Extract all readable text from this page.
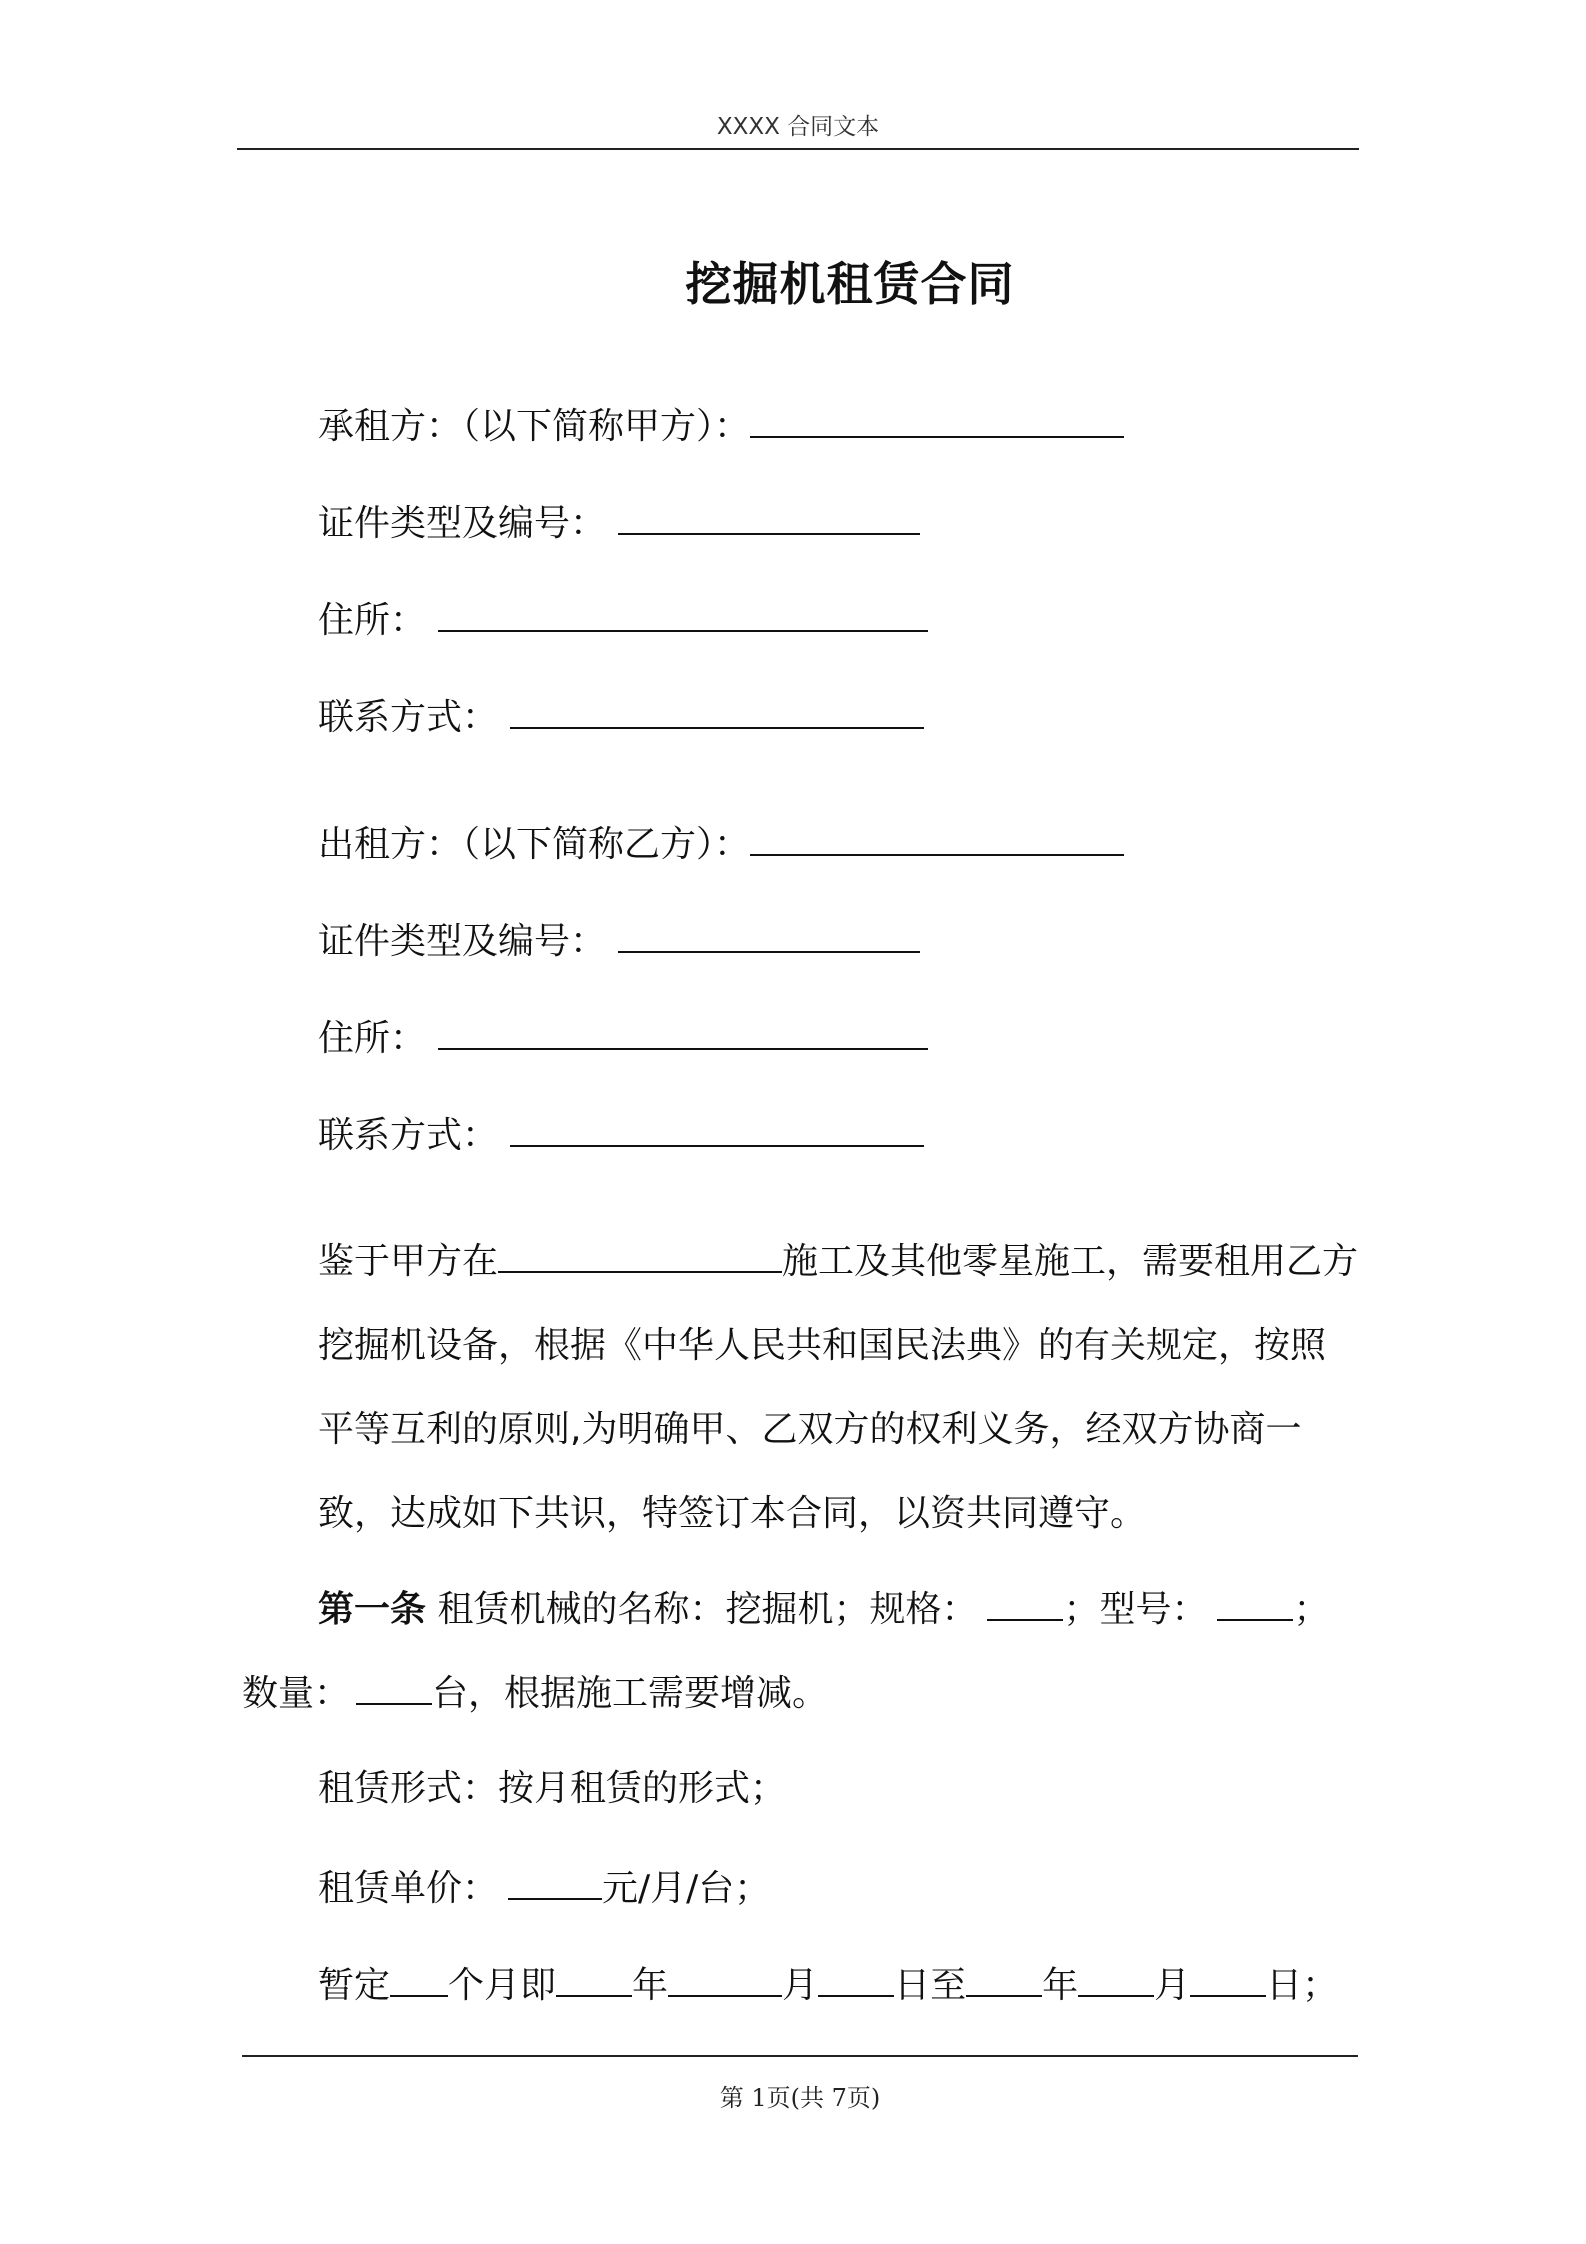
XXXX 合同文本
挖掘机租赁合同
承租方：（以下简称甲方）：
证件类型及编号：
住所：
联系方式：
出租方：（以下简称乙方）：
证件类型及编号：
住所：
联系方式：

鉴于甲方在	施工及其他零星施工，需要租用乙方挖掘机设备，根据《中华人民共和国民法典》的有关规定，按照平等互利的原则,为明确甲、乙双方的权利义务，经双方协商一致，达成如下共识，特签订本合同，以资共同遵守。

第一条 租赁机械的名称：挖掘机；规格： ；型号： ；

数量： 台，根据施工需要增减。

租赁形式：按月租赁的形式；
租赁单价：	元/月/台；
暂定 个月即 年	月 日至 年 月 日；
第 1页(共 7页)
